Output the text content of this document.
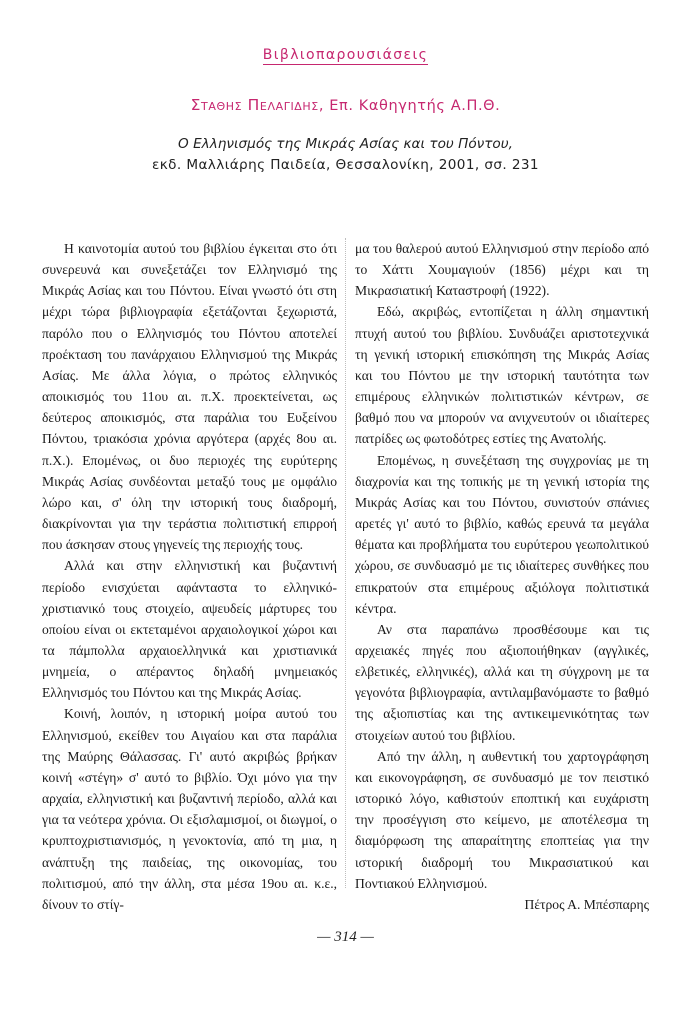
Βιβλιοπαρουσιάσεις
Σταθης Πελαγιδης, Επ. Καθηγητής Α.Π.Θ.
Ο Ελληνισμός της Μικράς Ασίας και του Πόντου,
εκδ. Μαλλιάρης Παιδεία, Θεσσαλονίκη, 2001, σσ. 231

Η καινοτομία αυτού του βιβλίου έγκειται στο ότι συνερευνά και συνεξετάζει τον Ελληνισμό της Μικράς Ασίας και του Πόντου. Είναι γνωστό ότι στη μέχρι τώρα βιβλιογραφία εξετάζονται ξεχωριστά, παρόλο που ο Ελληνισμός του Πόντου αποτελεί προέκταση του πανάρχαιου Ελληνισμού της Μικράς Ασίας. Με άλλα λόγια, ο πρώτος ελληνικός αποικισμός του 11ου αι. π.Χ. προεκτείνεται, ως δεύτερος αποικισμός, στα παράλια του Ευξείνου Πόντου, τριακόσια χρόνια αργότερα (αρχές 8ου αι. π.Χ.). Επομένως, οι δυο περιοχές της ευρύτερης Μικράς Ασίας συνδέονται μεταξύ τους με ομφάλιο λώρο και, σ' όλη την ιστορική τους διαδρομή, διακρίνονται για την τεράστια πολιτιστική επιρροή που άσκησαν στους γηγενείς της περιοχής τους.

Αλλά και στην ελληνιστική και βυζαντινή περίοδο ενισχύεται αφάνταστα το ελληνικό-χριστιανικό τους στοιχείο, αψευδείς μάρτυρες του οποίου είναι οι εκτεταμένοι αρχαιολογικοί χώροι και τα πάμπολλα αρχαιοελληνικά και χριστιανικά μνημεία, ο απέραντος δηλαδή μνημειακός Ελληνισμός του Πόντου και της Μικράς Ασίας.

Κοινή, λοιπόν, η ιστορική μοίρα αυτού του Ελληνισμού, εκείθεν του Αιγαίου και στα παράλια της Μαύρης Θάλασσας. Γι' αυτό ακριβώς βρήκαν κοινή «στέγη» σ' αυτό το βιβλίο. Όχι μόνο για την αρχαία, ελληνιστική και βυζαντινή περίοδο, αλλά και για τα νεότερα χρόνια. Οι εξισλαμισμοί, οι διωγμοί, ο κρυπτοχριστιανισμός, η γενοκτονία, από τη μια, η ανάπτυξη της παιδείας, της οικονομίας, του πολιτισμού, από την άλλη, στα μέσα 19ου αι. κ.ε., δίνουν το στίγ-

μα του θαλερού αυτού Ελληνισμού στην περίοδο από το Χάττι Χουμαγιούν (1856) μέχρι και τη Μικρασιατική Καταστροφή (1922).

Εδώ, ακριβώς, εντοπίζεται η άλλη σημαντική πτυχή αυτού του βιβλίου. Συνδυάζει αριστοτεχνικά τη γενική ιστορική επισκόπηση της Μικράς Ασίας και του Πόντου με την ιστορική ταυτότητα των επιμέρους ελληνικών πολιτιστικών κέντρων, σε βαθμό που να μπορούν να ανιχνευτούν οι ιδιαίτερες πατρίδες ως φωτοδότρες εστίες της Ανατολής.

Επομένως, η συνεξέταση της συγχρονίας με τη διαχρονία και της τοπικής με τη γενική ιστορία της Μικράς Ασίας και του Πόντου, συνιστούν σπάνιες αρετές γι' αυτό το βιβλίο, καθώς ερευνά τα μεγάλα θέματα και προβλήματα του ευρύτερου γεωπολιτικού χώρου, σε συνδυασμό με τις ιδιαίτερες συνθήκες που επικρατούν στα επιμέρους αξιόλογα πολιτιστικά κέντρα.

Αν στα παραπάνω προσθέσουμε και τις αρχειακές πηγές που αξιοποιήθηκαν (αγγλικές, ελβετικές, ελληνικές), αλλά και τη σύγχρονη με τα γεγονότα βιβλιογραφία, αντιλαμβανόμαστε το βαθμό της αξιοπιστίας και της αντικειμενικότητας των στοιχείων αυτού του βιβλίου.

Από την άλλη, η αυθεντική του χαρτογράφηση και εικονογράφηση, σε συνδυασμό με τον πειστικό ιστορικό λόγο, καθιστούν εποπτική και ευχάριστη την προσέγγιση στο κείμενο, με αποτέλεσμα τη διαμόρφωση της απαραίτητης εποπτείας για την ιστορική διαδρομή του Μικρασιατικού και Ποντιακού Ελληνισμού.

Πέτρος Α. Μπέσπαρης

— 314 —
